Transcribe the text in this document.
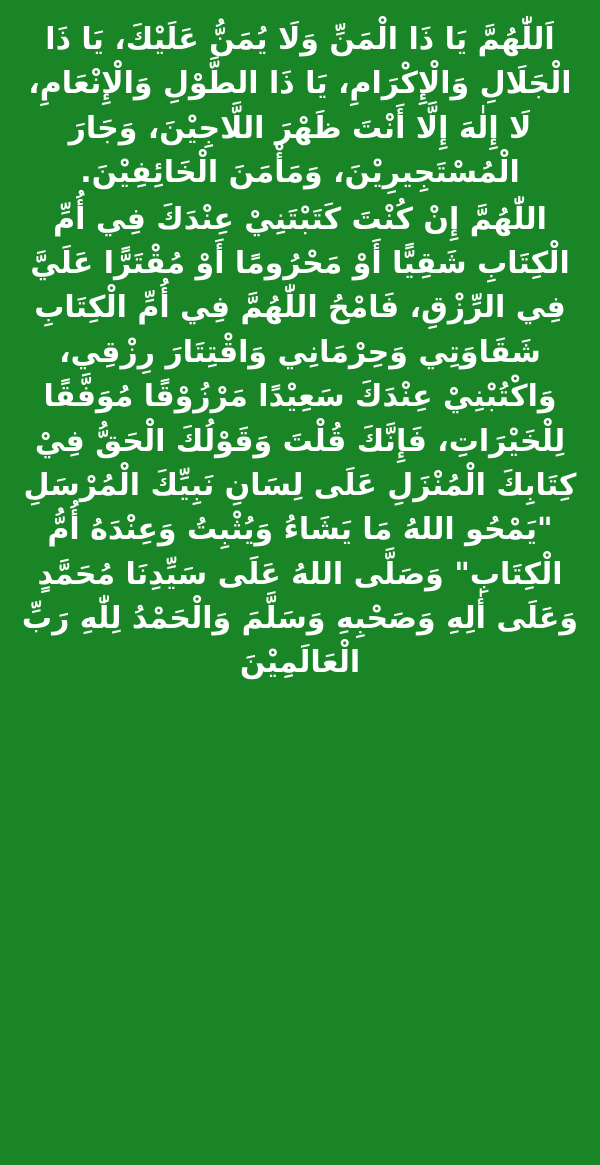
اَللّٰهُمَّ يَا ذَا الْمَنِّ وَلَا يُمَنُّ عَلَيْكَ، يَا ذَا الْجَلَالِ وَالْإِكْرَامِ، يَا ذَا الطَّوْلِ وَالْإِنْعَامِ، لَا إِلٰهَ إِلَّا أَنْتَ ظَهْرَ اللَّاجِيْنَ، وَجَارَ الْمُسْتَجِيرِيْنَ، وَمَأْمَنَ الْخَائِفِيْنَ.
اللّٰهُمَّ إِنْ كُنْتَ كَتَبْتَنِيْ عِنْدَكَ فِي أُمِّ الْكِتَابِ شَقِيًّا أَوْ مَحْرُومًا أَوْ مُقْتَرًّا عَلَيَّ فِي الرِّزْقِ، فَامْحُ اللّٰهُمَّ فِي أُمِّ الْكِتَابِ شَقَاوَتِي وَحِرْمَانِي وَاقْتِتَارَ رِزْقِي، وَاكْتُبْنِيْ عِنْدَكَ سَعِيْدًا مَرْزُوْقًا مُوَفَّقًا لِلْخَيْرَاتِ، فَإِنَّكَ قُلْتَ وَقَوْلُكَ الْحَقُّ فِيْ كِتَابِكَ الْمُنْزَلِ عَلَى لِسَانِ نَبِيِّكَ الْمُرْسَلِ "يَمْحُو اللهُ مَا يَشَاءُ وَيُثْبِتُ وَعِنْدَهُ أُمُّ الْكِتَابِ" وَصَلَّى اللهُ عَلَى سَيِّدِنَا مُحَمَّدٍ وَعَلَى أٰلِهِ وَصَحْبِهِ وَسَلَّمَ وَالْحَمْدُ لِلّٰهِ رَبِّ الْعَالَمِيْنَ
